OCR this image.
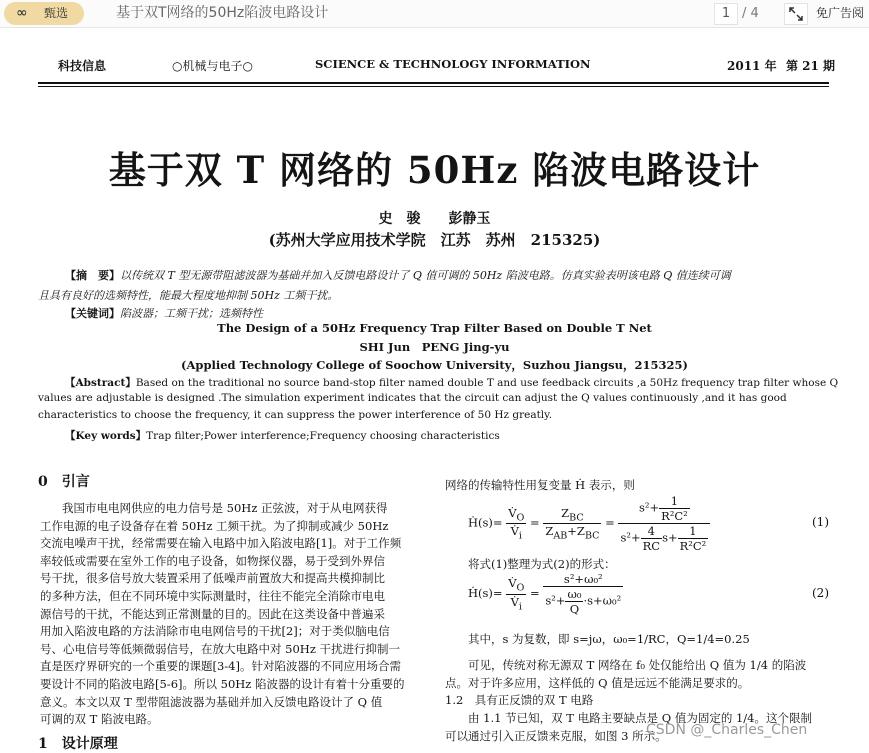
∞ 甄选	基于双T网络的50Hz陷波电路设计	1 / 4	免广告阅
科技信息	○机械与电子○	SCIENCE & TECHNOLOGY INFORMATION	2011 年 第 21 期
基于双 T 网络的 50Hz 陷波电路设计
史　骏　　彭静玉
(苏州大学应用技术学院　江苏　苏州　215325)
【摘　要】以传统双 T 型无源带阻滤波器为基础并加入反馈电路设计了 Q 值可调的 50Hz 陷波电路。仿真实验表明该电路 Q 值连续可调
且具有良好的选频特性，能最大程度地抑制 50Hz 工频干扰。
【关键词】陷波器；工频干扰；选频特性
The Design of a 50Hz Frequency Trap Filter Based on Double T Net
SHI Jun　PENG Jing-yu
(Applied Technology College of Soochow University，Suzhou Jiangsu，215325)
【Abstract】Based on the traditional no source band-stop filter named double T and use feedback circuits ,a 50Hz frequency trap filter whose Q
values are adjustable is designed .The simulation experiment indicates that the circuit can adjust the Q values continuously ,and it has good
characteristics to choose the frequency, it can suppress the power interference of 50 Hz greatly.
【Key words】Trap filter;Power interference;Frequency choosing characteristics
0　引言
我国市电电网供应的电力信号是 50Hz 正弦波，对于从电网获得
工作电源的电子设备存在着 50Hz 工频干扰。为了抑制或减少 50Hz
交流电噪声干扰，经常需要在输入电路中加入陷波电路[1]。对于工作频
率较低或需要在室外工作的电子设备，如物探仪器，易于受到外界信
号干扰，很多信号放大装置采用了低噪声前置放大和提高共模抑制比
的多种方法，但在不同环境中实际测量时，往往不能完全消除市电电
源信号的干扰，不能达到正常测量的目的。因此在这类设备中普遍采
用加入陷波电路的方法消除市电电网信号的干扰[2]；对于类似脑电信
号、心电信号等低频微弱信号，在放大电路中对 50Hz 干扰进行抑制一
直是医疗界研究的一个重要的课题[3-4]。针对陷波器的不同应用场合需
要设计不同的陷波电路[5-6]。所以 50Hz 陷波器的设计有着十分重要的
意义。本文以双 T 型带阻滤波器为基础并加入反馈电路设计了 Q 值
可调的双 T 陷波电路。
1　设计原理
网络的传输特性用复变量 Ḣ 表示，则
Ḣ(s)= $\frac{V̇_O}{V̇_i} = \frac{Z_{BC}}{Z_{AB}+Z_{BC}} = \frac{s^2+ \frac{1}{\text{R²C²}}}{s^2+ \frac{4}{RC} s+ \frac{1}{\text{R²C²}}}$	(1)
将式(1)整理为式(2)的形式：
Ḣ(s)= $\frac{V̇_O}{V̇_i} = \frac{\text{s²+ω₀²}}{s^2+ \frac{\text{ω₀}}{Q} \cdot s+\omega_0^2}$	(2)
其中，s 为复数，即 s=jω，ω₀=1/RC，Q=1/4=0.25
可见，传统对称无源双 T 网络在 f₀ 处仅能给出 Q 值为 1/4 的陷波
点。对于许多应用，这样低的 Q 值是远远不能满足要求的。
1.2　具有正反馈的双 T 电路
由 1.1 节已知，双 T 电路主要缺点是 Q 值为固定的 1/4。这个限制
可以通过引入正反馈来克服，如图 3 所示。
CSDN @_Charles_Chen
